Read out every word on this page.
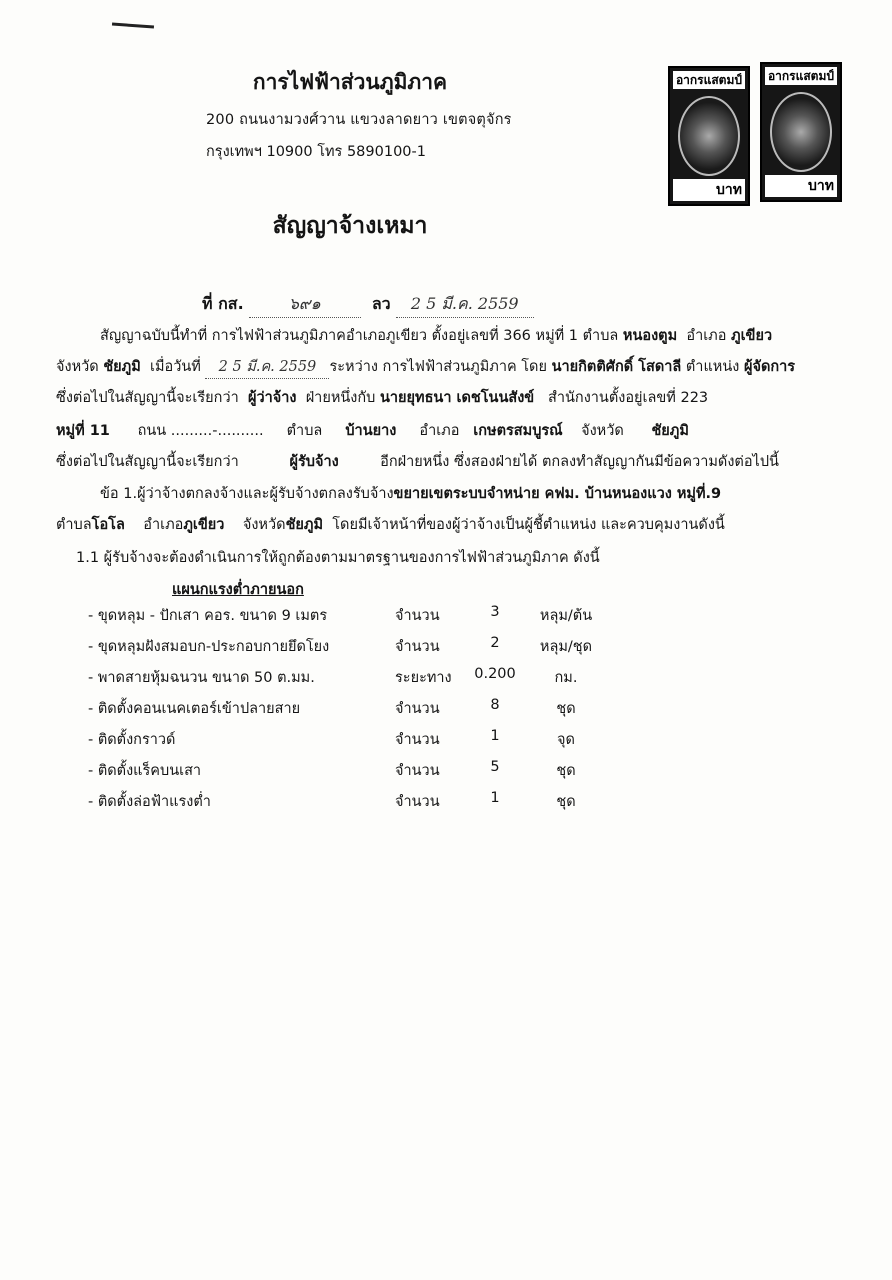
การไฟฟ้าส่วนภูมิภาค
200 ถนนงามวงศ์วาน แขวงลาดยาว เขตจตุจักร
กรุงเทพฯ 10900 โทร 5890100-1
อากรแสตมป์
บาท
อากรแสตมป์
บาท
สัญญาจ้างเหมา
ที่ กส.	๖๙๑	ลว 2 5 มี.ค. 2559
สัญญาฉบับนี้ทำที่ การไฟฟ้าส่วนภูมิภาคอำเภอภูเขียว ตั้งอยู่เลขที่ 366 หมู่ที่ 1 ตำบล หนองตูม อำเภอ ภูเขียว
จังหวัด ชัยภูมิ เมื่อวันที่ 2 5 มี.ค. 2559 ระหว่าง การไฟฟ้าส่วนภูมิภาค โดย นายกิตติศักดิ์ โสดาลี ตำแหน่ง ผู้จัดการ
ซึ่งต่อไปในสัญญานี้จะเรียกว่า ผู้ว่าจ้าง ฝ่ายหนึ่งกับ นายยุทธนา เดชโนนสังข์ สำนักงานตั้งอยู่เลขที่ 223
หมู่ที่ 11 ถนน .........-.......... ตำบล บ้านยาง อำเภอ เกษตรสมบูรณ์ จังหวัด ชัยภูมิ
ซึ่งต่อไปในสัญญานี้จะเรียกว่า	ผู้รับจ้าง	อีกฝ่ายหนึ่ง ซึ่งสองฝ่ายได้ ตกลงทำสัญญากันมีข้อความดังต่อไปนี้
ข้อ 1.ผู้ว่าจ้างตกลงจ้างและผู้รับจ้างตกลงรับจ้างขยายเขตระบบจำหน่าย คฟม. บ้านหนองแวง หมู่ที่.9
ตำบลโอโล อำเภอภูเขียว จังหวัดชัยภูมิ โดยมีเจ้าหน้าที่ของผู้ว่าจ้างเป็นผู้ชี้ตำแหน่ง และควบคุมงานดังนี้
1.1 ผู้รับจ้างจะต้องดำเนินการให้ถูกต้องตามมาตรฐานของการไฟฟ้าส่วนภูมิภาค ดังนี้
แผนกแรงต่ำภายนอก
- ขุดหลุม - ปักเสา คอร. ขนาด 9 เมตร	จำนวน	3	หลุม/ต้น
- ขุดหลุมฝังสมอบก-ประกอบกายยึดโยง	จำนวน	2	หลุม/ชุด
- พาดสายหุ้มฉนวน ขนาด 50 ต.มม.	ระยะทาง	0.200	กม.
- ติดตั้งคอนเนคเตอร์เข้าปลายสาย	จำนวน	8	ชุด
- ติดตั้งกราวด์	จำนวน	1	จุด
- ติดตั้งแร็คบนเสา	จำนวน	5	ชุด
- ติดตั้งล่อฟ้าแรงต่ำ	จำนวน	1	ชุด
